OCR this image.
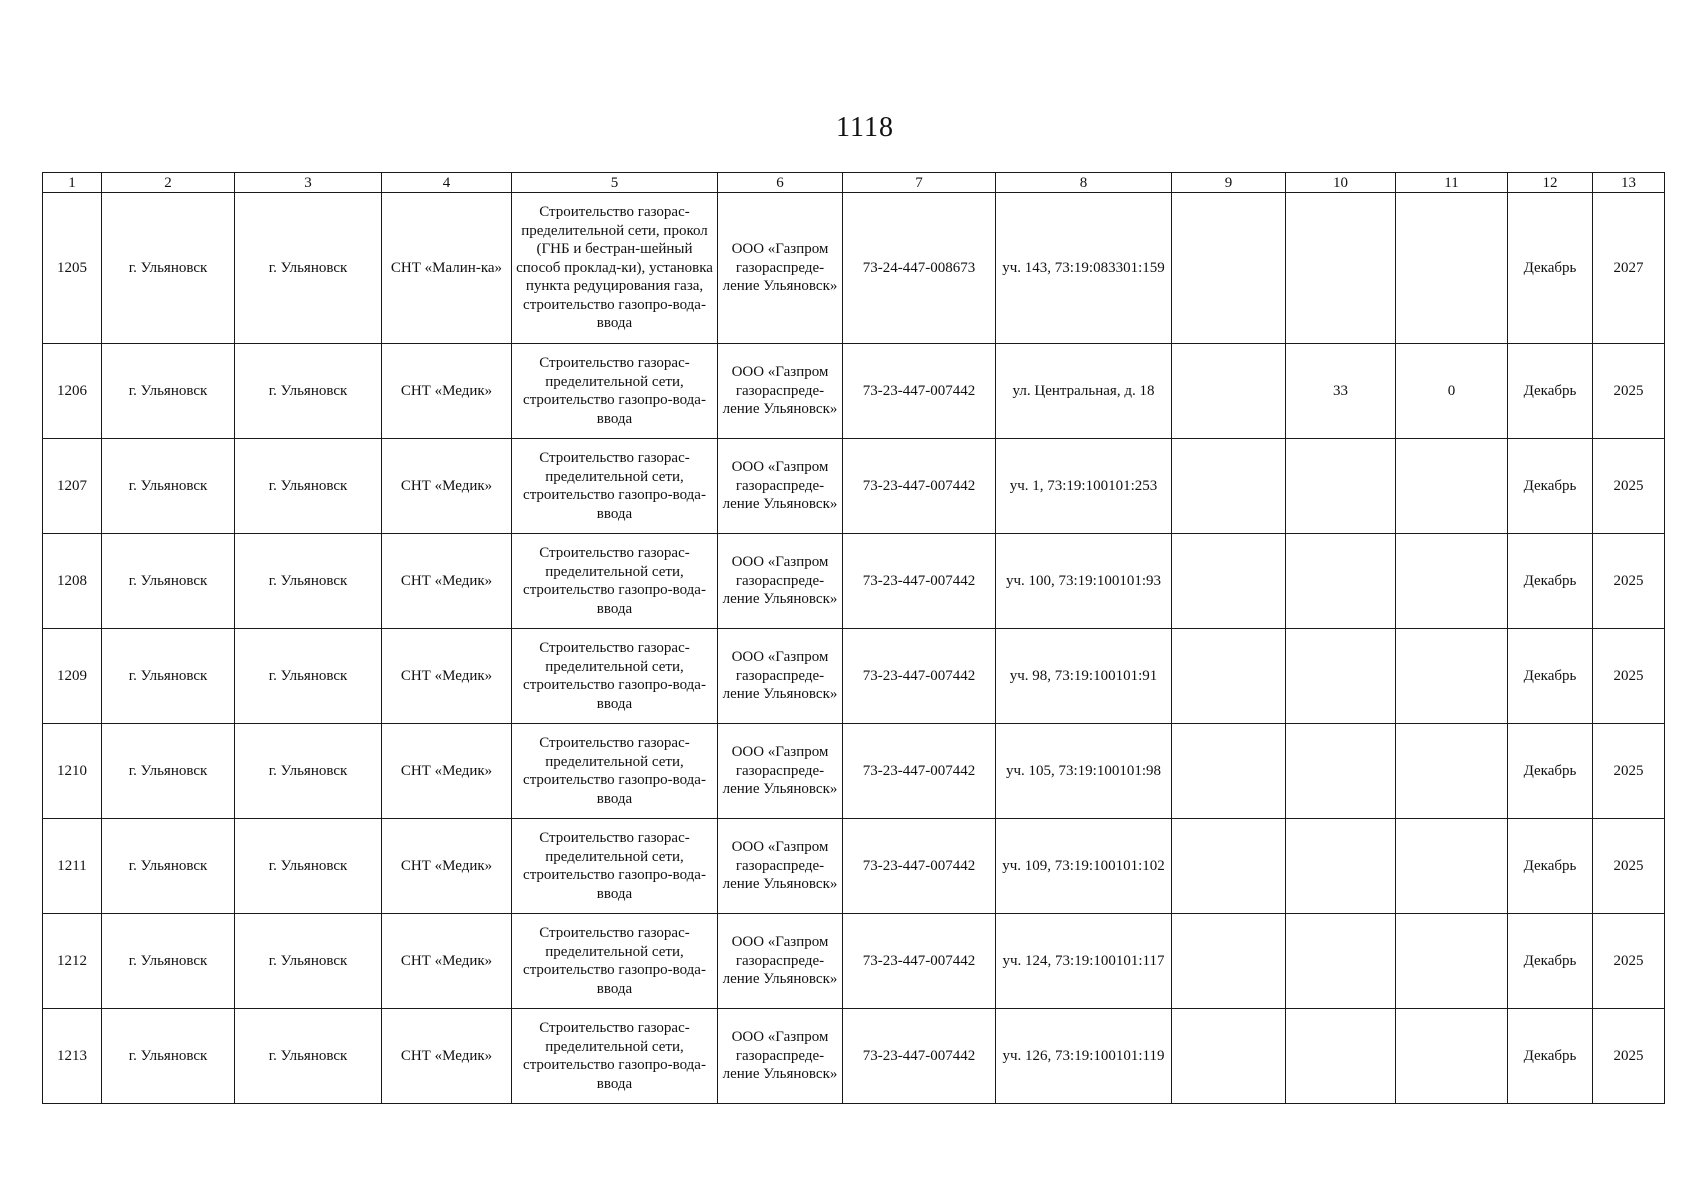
1118
1	2	3	4	5	6	7	8	9	10	11	12	13
1205	г. Ульяновск	г. Ульяновск	СНТ «Малин-ка»	Строительство газорас-пределительной сети, прокол (ГНБ и бестран-шейный способ проклад-ки), установка пункта редуцирования газа, строительство газопро-вода-ввода	ООО «Газпром газораспреде-ление Ульяновск»	73-24-447-008673	уч. 143, 73:19:083301:159				Декабрь	2027
1206	г. Ульяновск	г. Ульяновск	СНТ «Медик»	Строительство газорас-пределительной сети, строительство газопро-вода-ввода	ООО «Газпром газораспреде-ление Ульяновск»	73-23-447-007442	ул. Центральная, д. 18		33	0	Декабрь	2025
1207	г. Ульяновск	г. Ульяновск	СНТ «Медик»	Строительство газорас-пределительной сети, строительство газопро-вода-ввода	ООО «Газпром газораспреде-ление Ульяновск»	73-23-447-007442	уч. 1, 73:19:100101:253				Декабрь	2025
1208	г. Ульяновск	г. Ульяновск	СНТ «Медик»	Строительство газорас-пределительной сети, строительство газопро-вода-ввода	ООО «Газпром газораспреде-ление Ульяновск»	73-23-447-007442	уч. 100, 73:19:100101:93				Декабрь	2025
1209	г. Ульяновск	г. Ульяновск	СНТ «Медик»	Строительство газорас-пределительной сети, строительство газопро-вода-ввода	ООО «Газпром газораспреде-ление Ульяновск»	73-23-447-007442	уч. 98, 73:19:100101:91				Декабрь	2025
1210	г. Ульяновск	г. Ульяновск	СНТ «Медик»	Строительство газорас-пределительной сети, строительство газопро-вода-ввода	ООО «Газпром газораспреде-ление Ульяновск»	73-23-447-007442	уч. 105, 73:19:100101:98				Декабрь	2025
1211	г. Ульяновск	г. Ульяновск	СНТ «Медик»	Строительство газорас-пределительной сети, строительство газопро-вода-ввода	ООО «Газпром газораспреде-ление Ульяновск»	73-23-447-007442	уч. 109, 73:19:100101:102				Декабрь	2025
1212	г. Ульяновск	г. Ульяновск	СНТ «Медик»	Строительство газорас-пределительной сети, строительство газопро-вода-ввода	ООО «Газпром газораспреде-ление Ульяновск»	73-23-447-007442	уч. 124, 73:19:100101:117				Декабрь	2025
1213	г. Ульяновск	г. Ульяновск	СНТ «Медик»	Строительство газорас-пределительной сети, строительство газопро-вода-ввода	ООО «Газпром газораспреде-ление Ульяновск»	73-23-447-007442	уч. 126, 73:19:100101:119				Декабрь	2025
